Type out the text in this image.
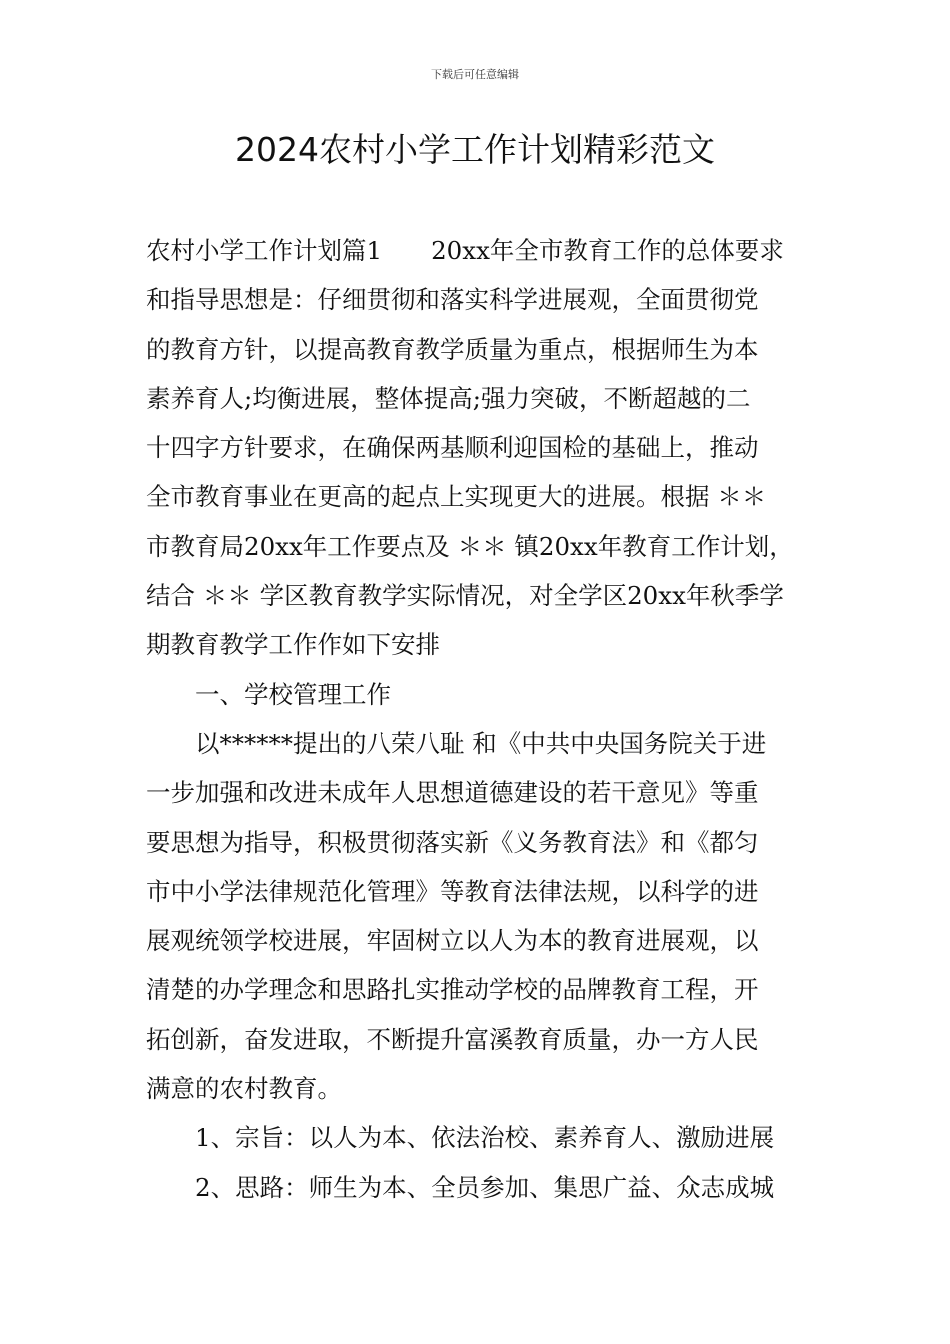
下载后可任意编辑
2024农村小学工作计划精彩范文
农村小学工作计划篇1　　20xx年全市教育工作的总体要求
和指导思想是：仔细贯彻和落实科学进展观，全面贯彻党
的教育方针，以提高教育教学质量为重点，根据师生为本
素养育人;均衡进展，整体提高;强力突破，不断超越的二
十四字方针要求，在确保两基顺利迎国检的基础上，推动
全市教育事业在更高的起点上实现更大的进展。根据 ＊＊
市教育局20xx年工作要点及 ＊＊ 镇20xx年教育工作计划，
结合 ＊＊ 学区教育教学实际情况，对全学区20xx年秋季学
期教育教学工作作如下安排
一、学校管理工作
以******提出的八荣八耻 和《中共中央国务院关于进
一步加强和改进未成年人思想道德建设的若干意见》等重
要思想为指导，积极贯彻落实新《义务教育法》和《都匀
市中小学法律规范化管理》等教育法律法规，以科学的进
展观统领学校进展，牢固树立以人为本的教育进展观，以
清楚的办学理念和思路扎实推动学校的品牌教育工程，开
拓创新，奋发进取，不断提升富溪教育质量，办一方人民
满意的农村教育。
1、宗旨：以人为本、依法治校、素养育人、激励进展
2、思路：师生为本、全员参加、集思广益、众志成城
